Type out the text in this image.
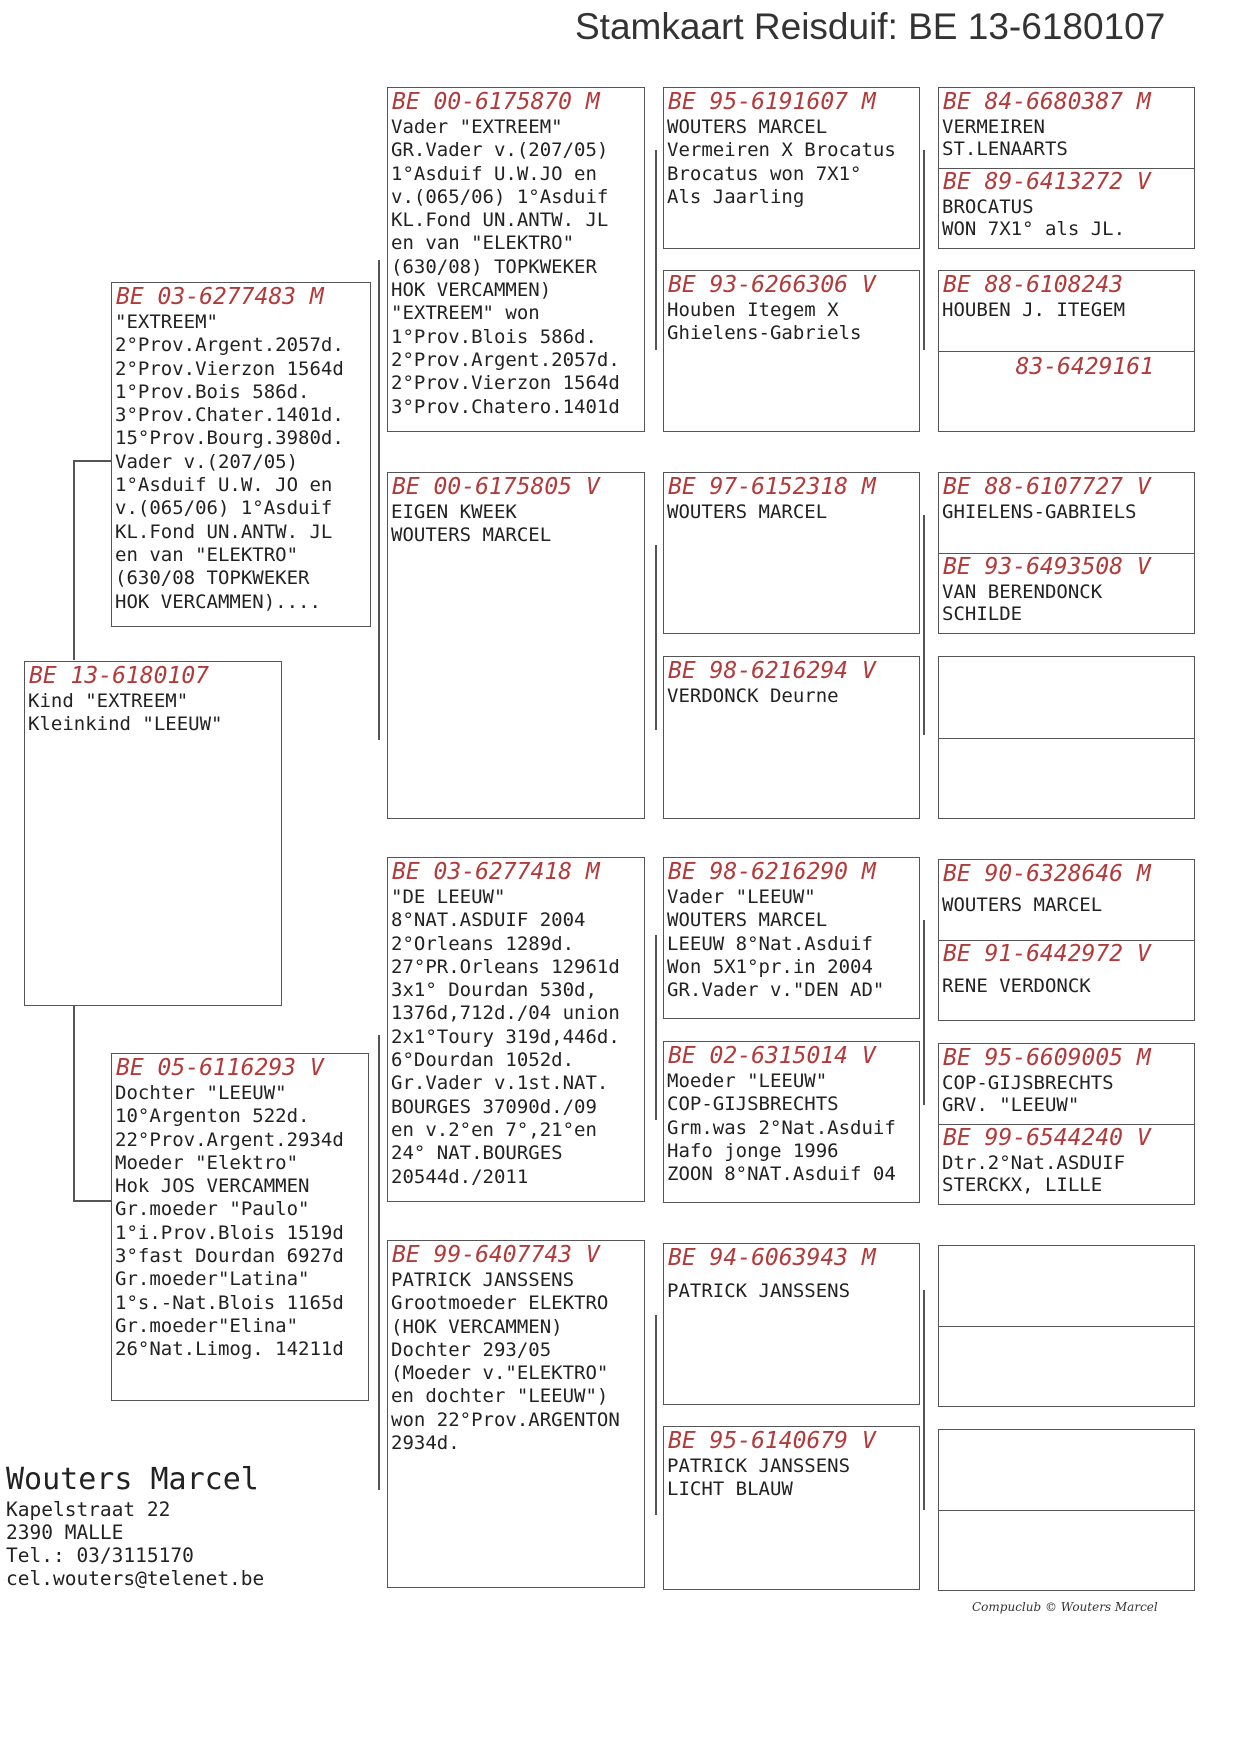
Stamkaart Reisduif: BE 13-6180107
BE 13-6180107
Kind "EXTREEM"
Kleinkind "LEEUW"
BE 03-6277483 M
"EXTREEM"
2°Prov.Argent.2057d.
2°Prov.Vierzon 1564d
1°Prov.Bois 586d.
3°Prov.Chater.1401d.
15°Prov.Bourg.3980d.
Vader v.(207/05)
1°Asduif U.W. JO en
v.(065/06) 1°Asduif
KL.Fond UN.ANTW. JL
en van "ELEKTRO"
(630/08 TOPKWEKER
HOK VERCAMMEN)....
BE 05-6116293 V
Dochter "LEEUW"
10°Argenton 522d.
22°Prov.Argent.2934d
Moeder "Elektro"
Hok JOS VERCAMMEN
Gr.moeder "Paulo"
1°i.Prov.Blois 1519d
3°fast Dourdan 6927d
Gr.moeder"Latina"
1°s.-Nat.Blois 1165d
Gr.moeder"Elina"
26°Nat.Limog. 14211d
BE 00-6175870 M
Vader "EXTREEM"
GR.Vader v.(207/05)
1°Asduif U.W.JO en
v.(065/06) 1°Asduif
KL.Fond UN.ANTW. JL
en van "ELEKTRO"
(630/08) TOPKWEKER
HOK VERCAMMEN)
"EXTREEM" won
1°Prov.Blois 586d.
2°Prov.Argent.2057d.
2°Prov.Vierzon 1564d
3°Prov.Chatero.1401d
BE 00-6175805 V
EIGEN KWEEK
WOUTERS MARCEL
BE 03-6277418 M
"DE LEEUW"
8°NAT.ASDUIF 2004
2°Orleans 1289d.
27°PR.Orleans 12961d
3x1° Dourdan 530d,
1376d,712d./04 union
2x1°Toury 319d,446d.
6°Dourdan 1052d.
Gr.Vader v.1st.NAT.
BOURGES 37090d./09
en v.2°en 7°,21°en
24° NAT.BOURGES
20544d./2011
BE 99-6407743 V
PATRICK JANSSENS
Grootmoeder ELEKTRO
(HOK VERCAMMEN)
Dochter 293/05
(Moeder v."ELEKTRO"
en dochter "LEEUW")
won 22°Prov.ARGENTON
2934d.
BE 95-6191607 M
WOUTERS MARCEL
Vermeiren X Brocatus
Brocatus won 7X1°
Als Jaarling
BE 93-6266306 V
Houben Itegem X
Ghielens-Gabriels
BE 97-6152318 M
WOUTERS MARCEL
BE 98-6216294 V
VERDONCK Deurne
BE 98-6216290 M
Vader "LEEUW"
WOUTERS MARCEL
LEEUW 8°Nat.Asduif
Won 5X1°pr.in 2004
GR.Vader v."DEN AD"
BE 02-6315014 V
Moeder "LEEUW"
COP-GIJSBRECHTS
Grm.was 2°Nat.Asduif
Hafo jonge 1996
ZOON 8°NAT.Asduif 04
BE 94-6063943 M
PATRICK JANSSENS
BE 95-6140679 V
PATRICK JANSSENS
LICHT BLAUW
BE 84-6680387 M
VERMEIREN
ST.LENAARTS
BE 89-6413272 V
BROCATUS
WON 7X1° als JL.
BE 88-6108243
HOUBEN J. ITEGEM
83-6429161
BE 88-6107727 V
GHIELENS-GABRIELS
BE 93-6493508 V
VAN BERENDONCK
SCHILDE
BE 90-6328646 M
WOUTERS MARCEL
BE 91-6442972 V
RENE VERDONCK
BE 95-6609005 M
COP-GIJSBRECHTS
GRV. "LEEUW"
BE 99-6544240 V
Dtr.2°Nat.ASDUIF
STERCKX, LILLE
Wouters Marcel
Kapelstraat 22
2390 MALLE
Tel.: 03/3115170
cel.wouters@telenet.be
Compuclub © Wouters Marcel
